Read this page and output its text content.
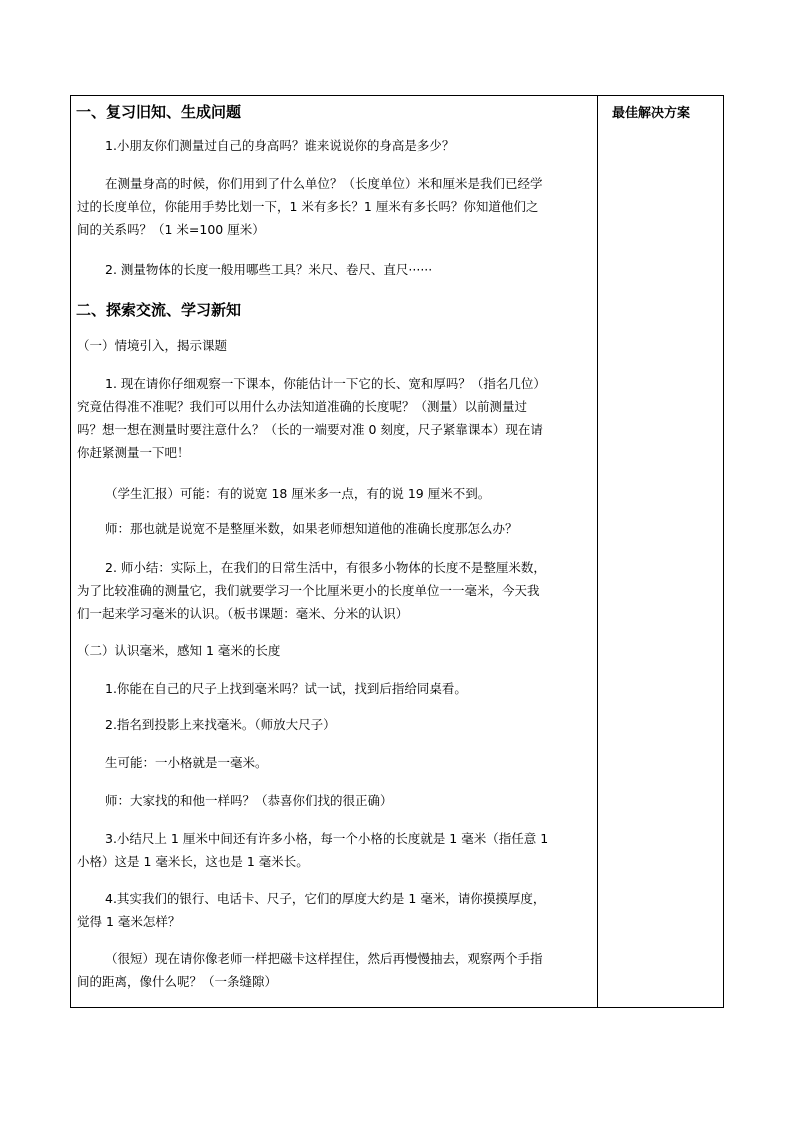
一、复习旧知、生成问题
1.小朋友你们测量过自己的身高吗？谁来说说你的身高是多少？
在测量身高的时候，你们用到了什么单位？（长度单位）米和厘米是我们已经学
过的长度单位，你能用手势比划一下，1 米有多长？1 厘米有多长吗？你知道他们之
间的关系吗？（1 米=100 厘米）
2. 测量物体的长度一般用哪些工具？米尺、卷尺、直尺······
二、探索交流、学习新知
（一）情境引入，揭示课题
1. 现在请你仔细观察一下课本，你能估计一下它的长、宽和厚吗？（指名几位）
究竟估得准不准呢？我们可以用什么办法知道准确的长度呢？（测量）以前测量过
吗？想一想在测量时要注意什么？（长的一端要对准 0 刻度，尺子紧靠课本）现在请
你赶紧测量一下吧！
（学生汇报）可能：有的说宽 18 厘米多一点，有的说 19 厘米不到。
师：那也就是说宽不是整厘米数，如果老师想知道他的准确长度那怎么办？
2. 师小结：实际上，在我们的日常生活中，有很多小物体的长度不是整厘米数，
为了比较准确的测量它，我们就要学习一个比厘米更小的长度单位一一毫米，今天我
们一起来学习毫米的认识。（板书课题：毫米、分米的认识）
（二）认识毫米，感知 1 毫米的长度
1.你能在自己的尺子上找到毫米吗？试一试，找到后指给同桌看。
2.指名到投影上来找毫米。（师放大尺子）
生可能：一小格就是一毫米。
师：大家找的和他一样吗？（恭喜你们找的很正确）
3.小结尺上 1 厘米中间还有许多小格，每一个小格的长度就是 1 毫米（指任意 1
小格）这是 1 毫米长，这也是 1 毫米长。
4.其实我们的银行、电话卡、尺子，它们的厚度大约是 1 毫米，请你摸摸厚度，
觉得 1 毫米怎样？
（很短）现在请你像老师一样把磁卡这样捏住，然后再慢慢抽去，观察两个手指
间的距离，像什么呢？（一条缝隙）
最佳解决方案
